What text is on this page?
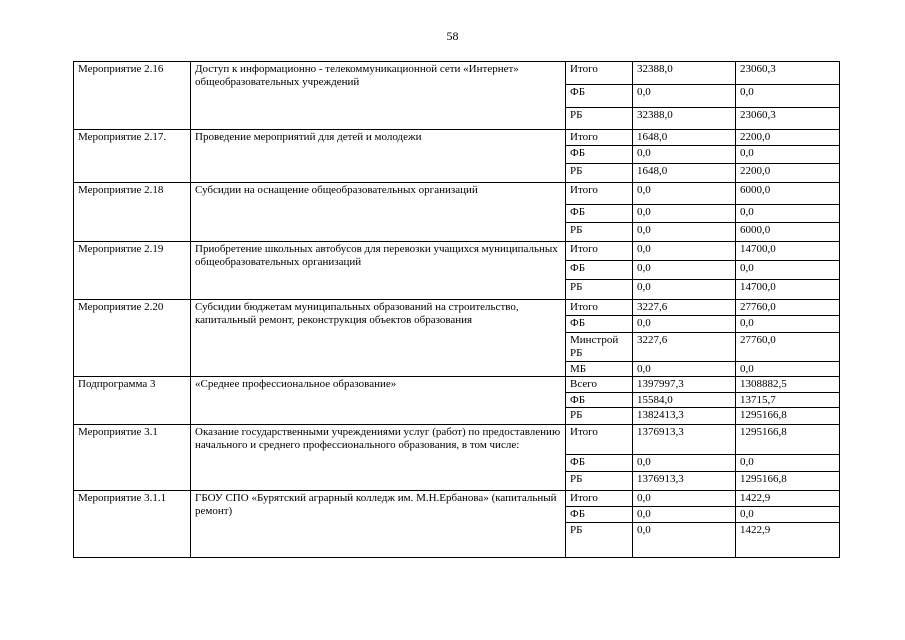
58
Мероприятие 2.16	Доступ к информационно - телекоммуникационной сети «Интернет» общеобразовательных учреждений	Итого	32388,0	23060,3
		ФБ	0,0	0,0
		РБ	32388,0	23060,3
Мероприятие 2.17.	Проведение мероприятий для детей и молодежи	Итого	1648,0	2200,0
		ФБ	0,0	0,0
		РБ	1648,0	2200,0
Мероприятие 2.18	Субсидии на оснащение общеобразовательных организаций	Итого	0,0	6000,0
		ФБ	0,0	0,0
		РБ	0,0	6000,0
Мероприятие 2.19	Приобретение школьных автобусов для перевозки учащихся муниципальных общеобразовательных организаций	Итого	0,0	14700,0
		ФБ	0,0	0,0
		РБ	0,0	14700,0
Мероприятие 2.20	Субсидии бюджетам муниципальных образований на строительство, капитальный ремонт, реконструкция объектов образования	Итого	3227,6	27760,0
		ФБ	0,0	0,0
		Минстрой РБ	3227,6	27760,0
		МБ	0,0	0,0
Подпрограмма 3	«Среднее профессиональное образование»	Всего	1397997,3	1308882,5
		ФБ	15584,0	13715,7
		РБ	1382413,3	1295166,8
Мероприятие 3.1	Оказание государственными учреждениями услуг (работ) по предоставлению начального и среднего профессионального образования, в том числе:	Итого	1376913,3	1295166,8
		ФБ	0,0	0,0
		РБ	1376913,3	1295166,8
Мероприятие 3.1.1	ГБОУ СПО «Бурятский аграрный колледж им. М.Н.Ербанова» (капитальный ремонт)	Итого	0,0	1422,9
		ФБ	0,0	0,0
		РБ	0,0	1422,9
